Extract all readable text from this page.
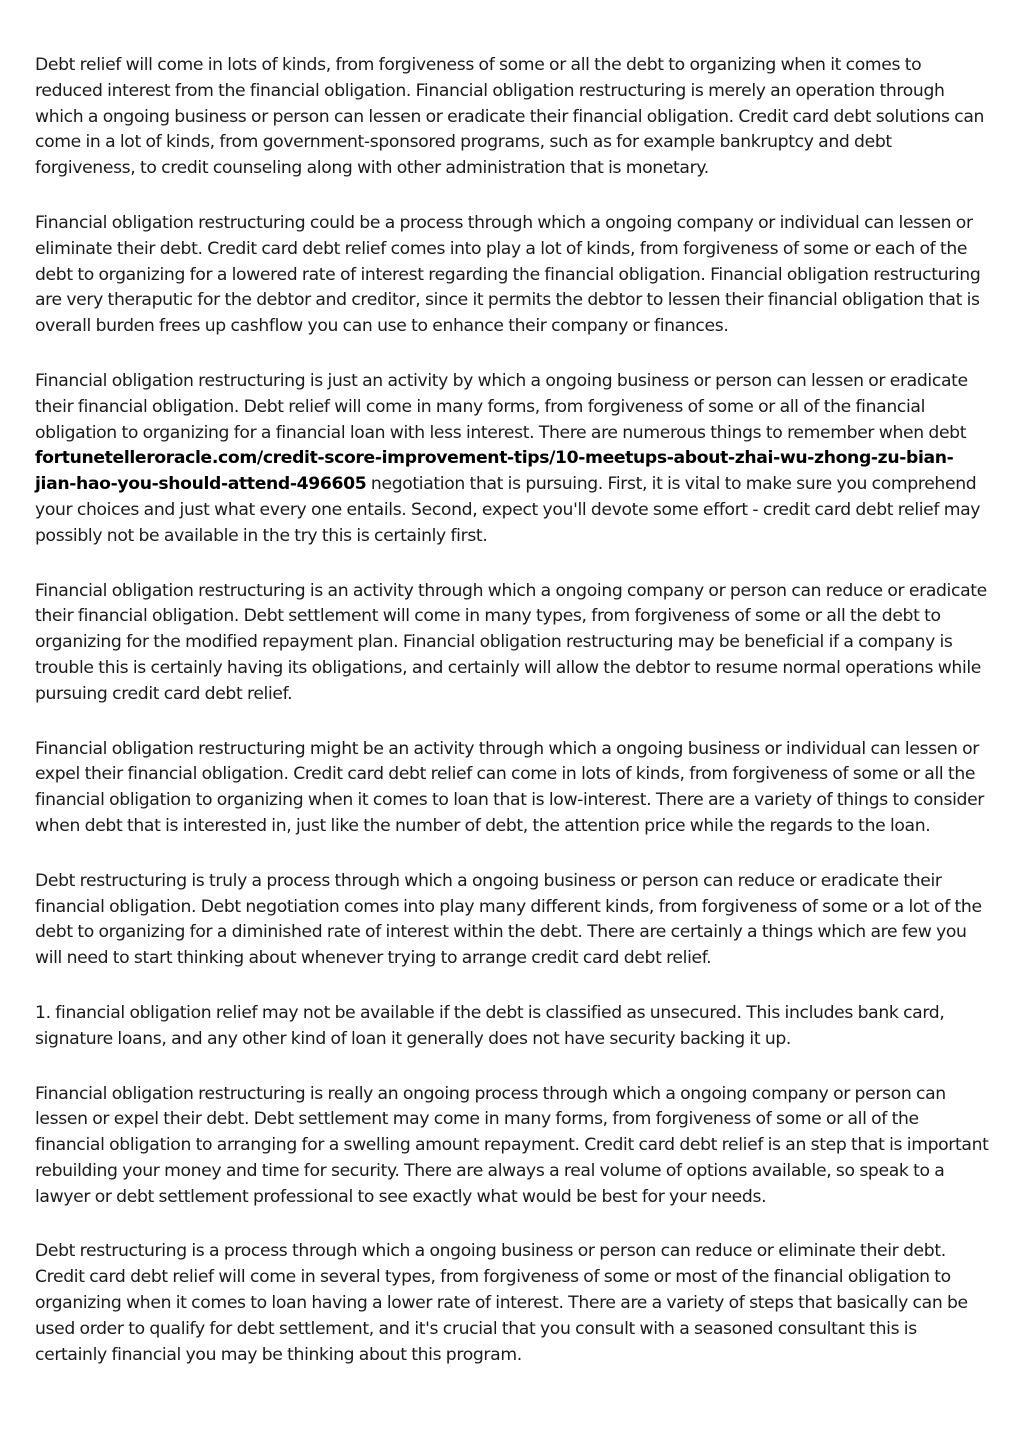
Debt relief will come in lots of kinds, from forgiveness of some or all the debt to organizing when it comes to reduced interest from the financial obligation. Financial obligation restructuring is merely an operation through which a ongoing business or person can lessen or eradicate their financial obligation. Credit card debt solutions can come in a lot of kinds, from government-sponsored programs, such as for example bankruptcy and debt forgiveness, to credit counseling along with other administration that is monetary.

Financial obligation restructuring could be a process through which a ongoing company or individual can lessen or eliminate their debt. Credit card debt relief comes into play a lot of kinds, from forgiveness of some or each of the debt to organizing for a lowered rate of interest regarding the financial obligation. Financial obligation restructuring are very theraputic for the debtor and creditor, since it permits the debtor to lessen their financial obligation that is overall burden frees up cashflow you can use to enhance their company or finances.

Financial obligation restructuring is just an activity by which a ongoing business or person can lessen or eradicate their financial obligation. Debt relief will come in many forms, from forgiveness of some or all of the financial obligation to organizing for a financial loan with less interest. There are numerous things to remember when debt fortunetelleroracle.com/credit-score-improvement-tips/10-meetups-about-zhai-wu-zhong-zu-bian-jian-hao-you-should-attend-496605 negotiation that is pursuing. First, it is vital to make sure you comprehend your choices and just what every one entails. Second, expect you'll devote some effort - credit card debt relief may possibly not be available in the try this is certainly first.

Financial obligation restructuring is an activity through which a ongoing company or person can reduce or eradicate their financial obligation. Debt settlement will come in many types, from forgiveness of some or all the debt to organizing for the modified repayment plan. Financial obligation restructuring may be beneficial if a company is trouble this is certainly having its obligations, and certainly will allow the debtor to resume normal operations while pursuing credit card debt relief.

Financial obligation restructuring might be an activity through which a ongoing business or individual can lessen or expel their financial obligation. Credit card debt relief can come in lots of kinds, from forgiveness of some or all the financial obligation to organizing when it comes to loan that is low-interest. There are a variety of things to consider when debt that is interested in, just like the number of debt, the attention price while the regards to the loan.

Debt restructuring is truly a process through which a ongoing business or person can reduce or eradicate their financial obligation. Debt negotiation comes into play many different kinds, from forgiveness of some or a lot of the debt to organizing for a diminished rate of interest within the debt. There are certainly a things which are few you will need to start thinking about whenever trying to arrange credit card debt relief.

1. financial obligation relief may not be available if the debt is classified as unsecured. This includes bank card, signature loans, and any other kind of loan it generally does not have security backing it up.

Financial obligation restructuring is really an ongoing process through which a ongoing company or person can lessen or expel their debt. Debt settlement may come in many forms, from forgiveness of some or all of the financial obligation to arranging for a swelling amount repayment. Credit card debt relief is an step that is important rebuilding your money and time for security. There are always a real volume of options available, so speak to a lawyer or debt settlement professional to see exactly what would be best for your needs.

Debt restructuring is a process through which a ongoing business or person can reduce or eliminate their debt. Credit card debt relief will come in several types, from forgiveness of some or most of the financial obligation to organizing when it comes to loan having a lower rate of interest. There are a variety of steps that basically can be used order to qualify for debt settlement, and it's crucial that you consult with a seasoned consultant this is certainly financial you may be thinking about this program.
